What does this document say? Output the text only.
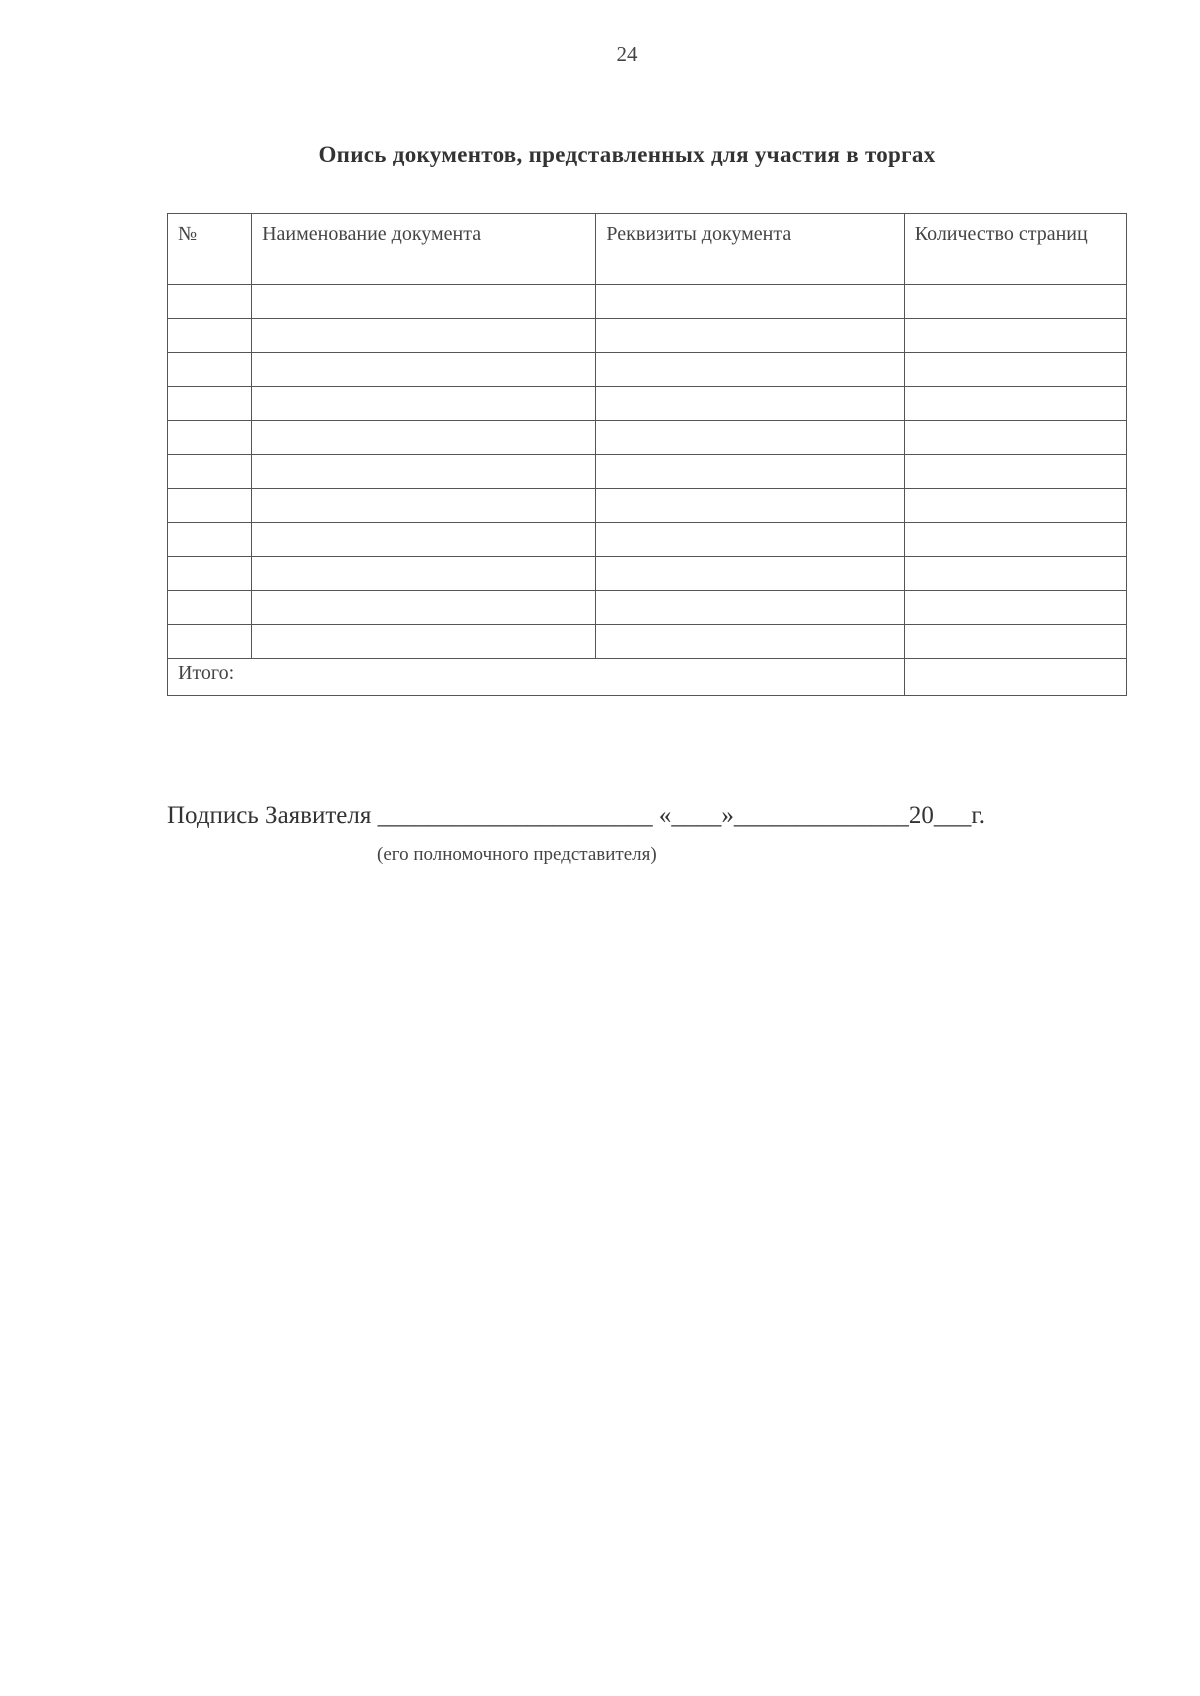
24
Опись документов, представленных для участия в торгах
№	Наименование документа	Реквизиты документа	Количество страниц

Итого:			
Подпись Заявителя ______________________ «____»______________20___г.
(его полномочного представителя)
